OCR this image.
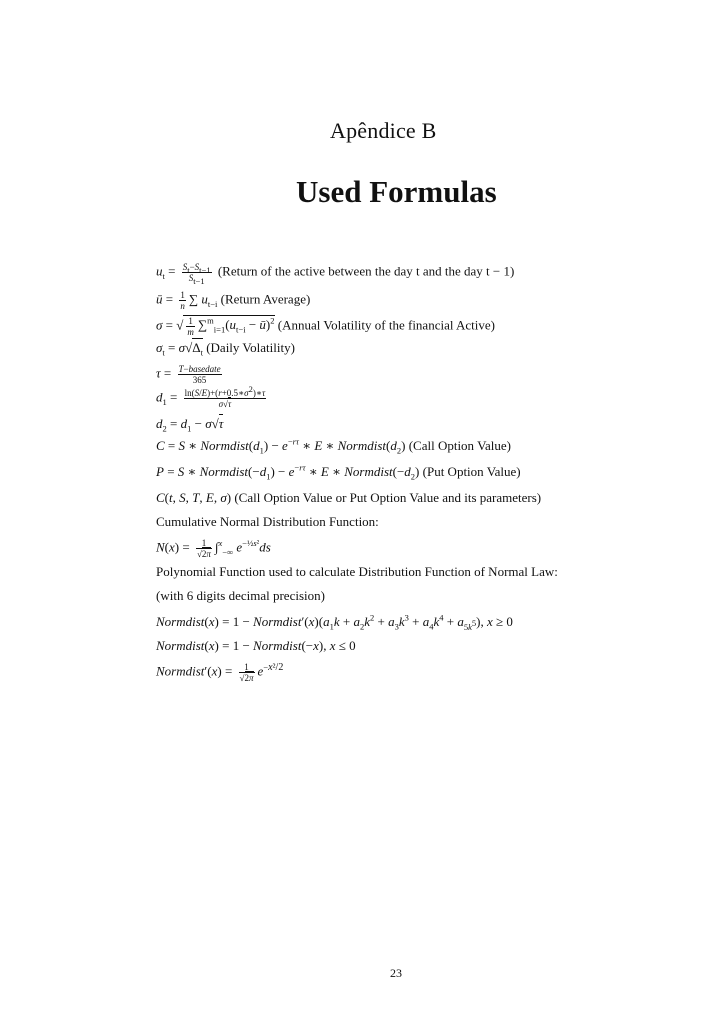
Apêndice B
Used Formulas
$u_t = \frac{S_t-S_{t-1}}{S_{t-1}}$ (Return of the active between the day t and the day t − 1)
ū = $\frac{1}{n}$ ∑ $u_{t-i}$ (Return Average)
σ = √ $\frac{1}{m} \sum^m_{i=1}(u_{t-i}$ − ū)$^2$ (Annual Volatility of the financial Active)
$\sigma_t = \sigma√\Delta_t$ (Daily Volatility)
$\tau = \frac{\text{T−basedate}}{365}$
$d_1 = \frac{\ln(S/E)+(r+0.5∗\sigma^2)∗\tau}{\sigma√\tau}$
$d_2 = d_1 - \sigma√\tau$
C = S ∗ $Normdist(d_1) - e^{-r\tau}$ ∗ E ∗ $Normdist(d_2)$ (Call Option Value)
P = S ∗ $Normdist(-d_1) - e^{-r\tau}$ ∗ E ∗ $Normdist(-d_2)$ (Put Option Value)
C(t, S, T, E, σ) (Call Option Value or Put Option Value and its parameters)
Cumulative Normal Distribution Function:
$N(x) = \frac{1}{√2\pi} \int^x_{-\infty}$ $e^{-\frac{1}{2}s^2}ds$
Polynomial Function used to calculate Distribution Function of Normal Law:
(with 6 digits decimal precision)
Normdist(x) = $1 - Normdist'(x)(a_1k + a_2k^2 + a_3k^3 + a_4k^4 + a_{5k^5})$, x ≥ 0
Normdist(x) = 1 − Normdist(−x), x ≤ 0
Normdist′(x) = $\frac{1}{√2\pi} e^{-x^2/2}$
23
